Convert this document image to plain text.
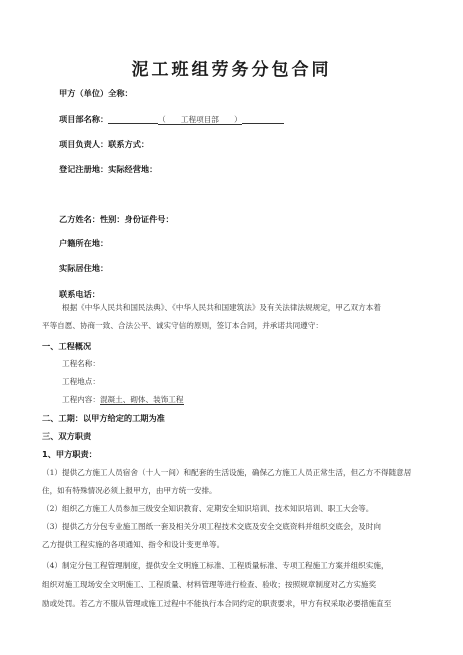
泥工班组劳务分包合同
甲方（单位）全称：
项目部名称：	（　　工程项目部　　）
项目负责人：联系方式：
登记注册地：实际经营地：
乙方姓名：性别：身份证件号：
户籍所在地：
实际居住地：
联系电话：
根据《中华人民共和国民法典》、《中华人民共和国建筑法》及有关法律法规规定，甲乙双方本着
平等自愿、协商一致、合法公平、诚实守信的原则，签订本合同，并承诺共同遵守：
一、工程概况
工程名称：
工程地点：
工程内容：混凝土、砌体、装饰工程
二、工期：以甲方给定的工期为准
三、双方职责
1、甲方职责：
（1）提供乙方施工人员宿舍（十人一间）和配套的生活设施，确保乙方施工人员正常生活，但乙方不得随意居
住，如有特殊情况必须上报甲方，由甲方统一安排。
（2）组织乙方施工人员参加三级安全知识教育、定期安全知识培训、技术知识培训、职工大会等。
（3）提供乙方分包专业施工图纸一套及相关分项工程技术交底及安全交底资料并组织交底会，及时向
乙方提供工程实施的各项通知、指令和设计变更单等。
（4）制定分包工程管理制度，提供安全文明施工标准、工程质量标准、专项工程施工方案并组织实施，
组织对施工现场安全文明施工、工程质量、材料管理等进行检查、验收；按照规章制度对乙方实施奖
励或处罚。若乙方不服从管理或施工过程中不能执行本合同约定的职责要求，甲方有权采取必要措施直至
